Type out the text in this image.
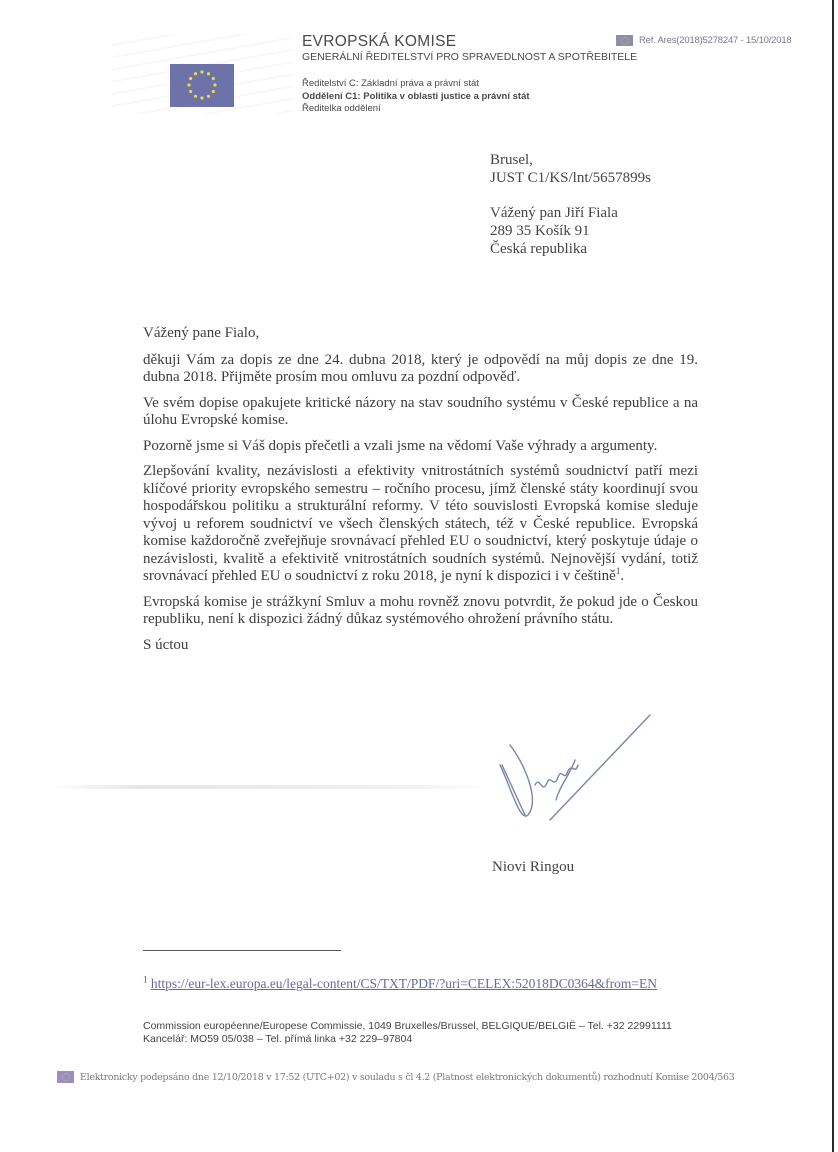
EVROPSKÁ KOMISE
GENERÁLNÍ ŘEDITELSTVÍ PRO SPRAVEDLNOST A SPOTŘEBITELE
Ředitelství C: Základní práva a právní stát
Oddělení C1: Politika v oblasti justice a právní stát
Ředitelka oddělení
Ref. Ares(2018)5278247 - 15/10/2018
Brusel,
JUST C1/KS/lnt/5657899s
Vážený pan Jiří Fiala
289 35 Košík 91
Česká republika

Vážený pane Fialo,

děkuji Vám za dopis ze dne 24. dubna 2018, který je odpovědí na můj dopis ze dne 19. dubna 2018. Přijměte prosím mou omluvu za pozdní odpověď.

Ve svém dopise opakujete kritické názory na stav soudního systému v České republice a na úlohu Evropské komise.

Pozorně jsme si Váš dopis přečetli a vzali jsme na vědomí Vaše výhrady a argumenty.

Zlepšování kvality, nezávislosti a efektivity vnitrostátních systémů soudnictví patří mezi klíčové priority evropského semestru – ročního procesu, jímž členské státy koordinují svou hospodářskou politiku a strukturální reformy. V této souvislosti Evropská komise sleduje vývoj u reforem soudnictví ve všech členských státech, též v České republice. Evropská komise každoročně zveřejňuje srovnávací přehled EU o soudnictví, který poskytuje údaje o nezávislosti, kvalitě a efektivitě vnitrostátních soudních systémů. Nejnovější vydání, totiž srovnávací přehled EU o soudnictví z roku 2018, je nyní k dispozici i v češtině$^1$.

Evropská komise je strážkyní Smluv a mohu rovněž znovu potvrdit, že pokud jde o Českou republiku, není k dispozici žádný důkaz systémového ohrožení právního státu.

S úctou

Niovi Ringou
$^1$ https://eur-lex.europa.eu/legal-content/CS/TXT/PDF/?uri=CELEX:52018DC0364&from=EN
Commission européenne/Europese Commissie, 1049 Bruxelles/Brussel, BELGIQUE/BELGIË – Tel. +32 22991111
Kancelář: MO59 05/038 – Tel. přímá linka +32 229–97804
Elektronicky podepsáno dne 12/10/2018 v 17:52 (UTC+02) v souladu s čl 4.2 (Platnost elektronických dokumentů) rozhodnutí Komise 2004/563
